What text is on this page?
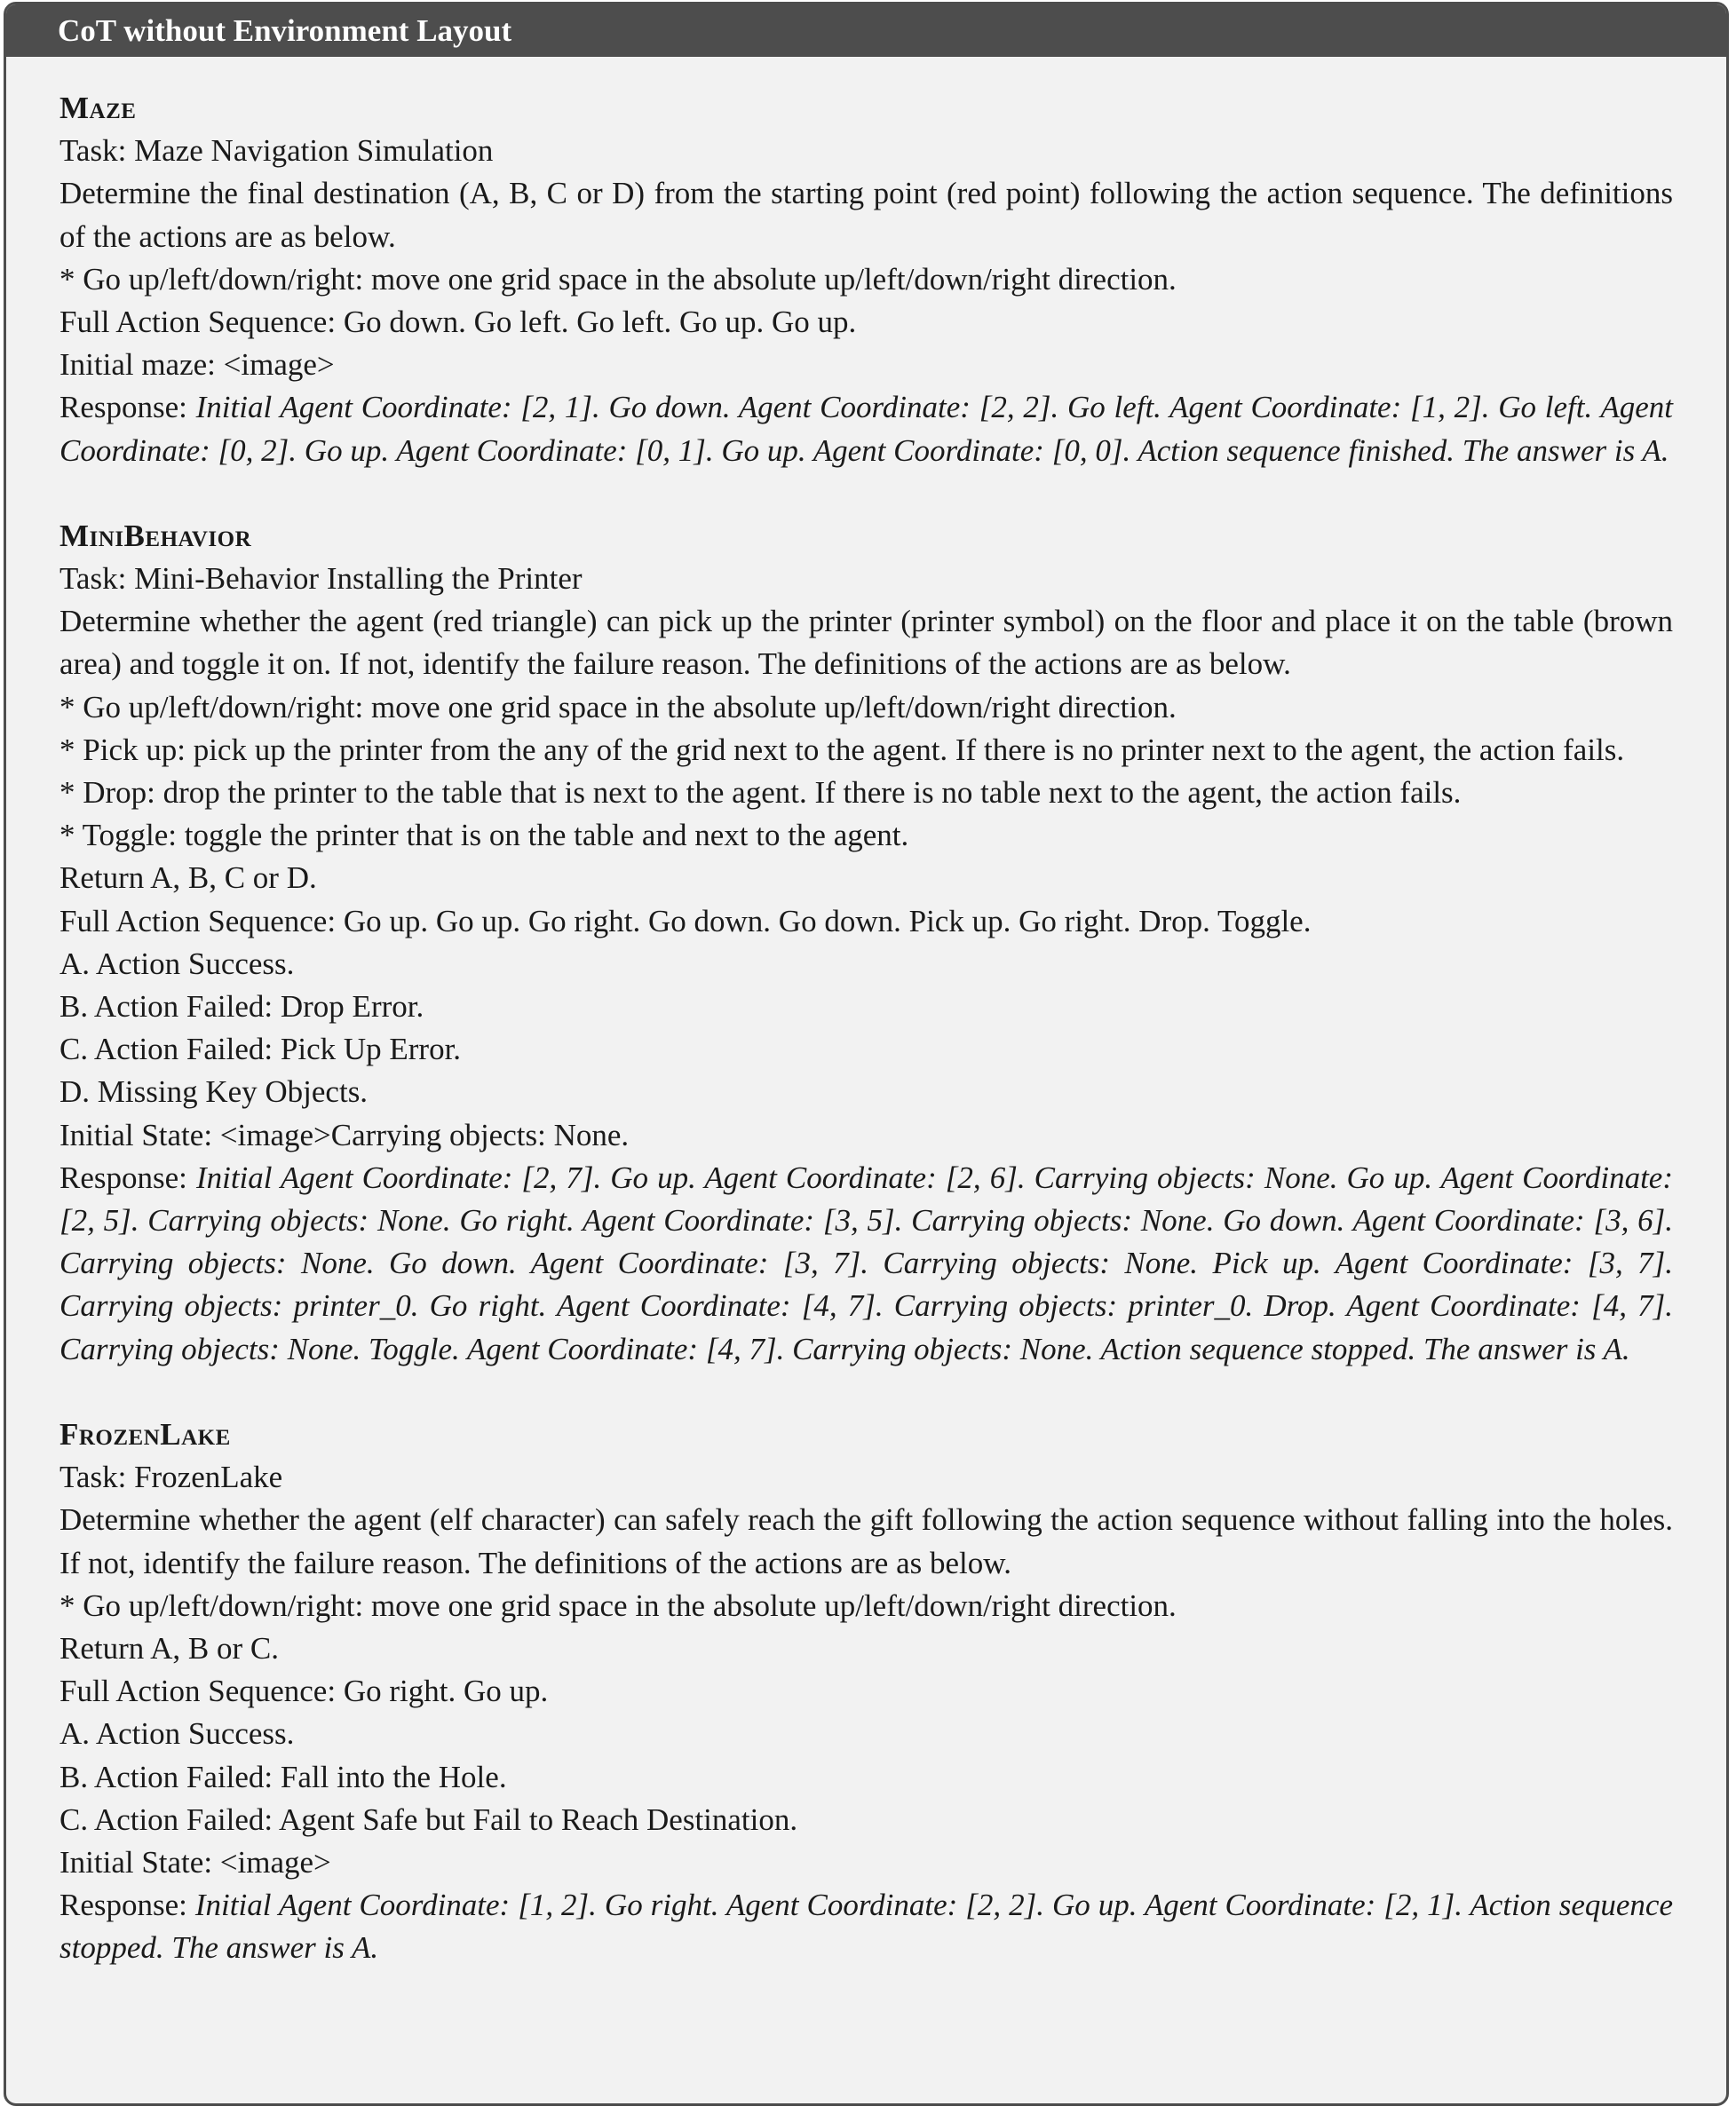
CoT without Environment Layout
Maze
Task: Maze Navigation Simulation
Determine the final destination (A, B, C or D) from the starting point (red point) following the action sequence. The definitions of the actions are as below.
* Go up/left/down/right: move one grid space in the absolute up/left/down/right direction.
Full Action Sequence: Go down. Go left. Go left. Go up. Go up.
Initial maze: <image>
Response: Initial Agent Coordinate: [2, 1]. Go down. Agent Coordinate: [2, 2]. Go left. Agent Coordinate: [1, 2]. Go left. Agent Coordinate: [0, 2]. Go up. Agent Coordinate: [0, 1]. Go up. Agent Coordinate: [0, 0]. Action sequence finished. The answer is A.
MiniBehavior
Task: Mini-Behavior Installing the Printer
Determine whether the agent (red triangle) can pick up the printer (printer symbol) on the floor and place it on the table (brown area) and toggle it on. If not, identify the failure reason. The definitions of the actions are as below.
* Go up/left/down/right: move one grid space in the absolute up/left/down/right direction.
* Pick up: pick up the printer from the any of the grid next to the agent. If there is no printer next to the agent, the action fails.
* Drop: drop the printer to the table that is next to the agent. If there is no table next to the agent, the action fails.
* Toggle: toggle the printer that is on the table and next to the agent.
Return A, B, C or D.
Full Action Sequence: Go up. Go up. Go right. Go down. Go down. Pick up. Go right. Drop. Toggle.
A. Action Success.
B. Action Failed: Drop Error.
C. Action Failed: Pick Up Error.
D. Missing Key Objects.
Initial State: <image>Carrying objects: None.
Response: Initial Agent Coordinate: [2, 7]. Go up. Agent Coordinate: [2, 6]. Carrying objects: None. Go up. Agent Coordinate: [2, 5]. Carrying objects: None. Go right. Agent Coordinate: [3, 5]. Carrying objects: None. Go down. Agent Coordinate: [3, 6]. Carrying objects: None. Go down. Agent Coordinate: [3, 7]. Carrying objects: None. Pick up. Agent Coordinate: [3, 7]. Carrying objects: printer_0. Go right. Agent Coordinate: [4, 7]. Carrying objects: printer_0. Drop. Agent Coordinate: [4, 7]. Carrying objects: None. Toggle. Agent Coordinate: [4, 7]. Carrying objects: None. Action sequence stopped. The answer is A.
FrozenLake
Task: FrozenLake
Determine whether the agent (elf character) can safely reach the gift following the action sequence without falling into the holes. If not, identify the failure reason. The definitions of the actions are as below.
* Go up/left/down/right: move one grid space in the absolute up/left/down/right direction.
Return A, B or C.
Full Action Sequence: Go right. Go up.
A. Action Success.
B. Action Failed: Fall into the Hole.
C. Action Failed: Agent Safe but Fail to Reach Destination.
Initial State: <image>
Response: Initial Agent Coordinate: [1, 2]. Go right. Agent Coordinate: [2, 2]. Go up. Agent Coordinate: [2, 1]. Action sequence stopped. The answer is A.
